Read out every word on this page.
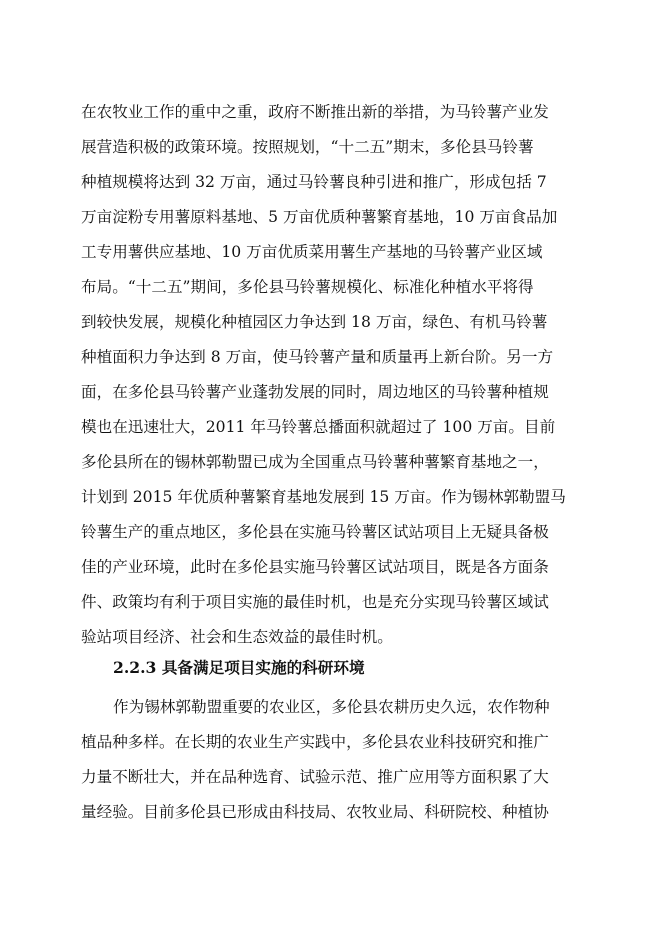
在农牧业工作的重中之重，政府不断推出新的举措，为马铃薯产业发
展营造积极的政策环境。按照规划，“十二五”期末，多伦县马铃薯
种植规模将达到 32 万亩，通过马铃薯良种引进和推广，形成包括 7
万亩淀粉专用薯原料基地、5 万亩优质种薯繁育基地，10 万亩食品加
工专用薯供应基地、10 万亩优质菜用薯生产基地的马铃薯产业区域
布局。“十二五”期间，多伦县马铃薯规模化、标准化种植水平将得
到较快发展，规模化种植园区力争达到 18 万亩，绿色、有机马铃薯
种植面积力争达到 8 万亩，使马铃薯产量和质量再上新台阶。另一方
面，在多伦县马铃薯产业蓬勃发展的同时，周边地区的马铃薯种植规
模也在迅速壮大，2011 年马铃薯总播面积就超过了 100 万亩。目前
多伦县所在的锡林郭勒盟已成为全国重点马铃薯种薯繁育基地之一，
计划到 2015 年优质种薯繁育基地发展到 15 万亩。作为锡林郭勒盟马
铃薯生产的重点地区，多伦县在实施马铃薯区试站项目上无疑具备极
佳的产业环境，此时在多伦县实施马铃薯区试站项目，既是各方面条
件、政策均有利于项目实施的最佳时机，也是充分实现马铃薯区域试
验站项目经济、社会和生态效益的最佳时机。
2.2.3 具备满足项目实施的科研环境
作为锡林郭勒盟重要的农业区，多伦县农耕历史久远，农作物种
植品种多样。在长期的农业生产实践中，多伦县农业科技研究和推广
力量不断壮大，并在品种选育、试验示范、推广应用等方面积累了大
量经验。目前多伦县已形成由科技局、农牧业局、科研院校、种植协
